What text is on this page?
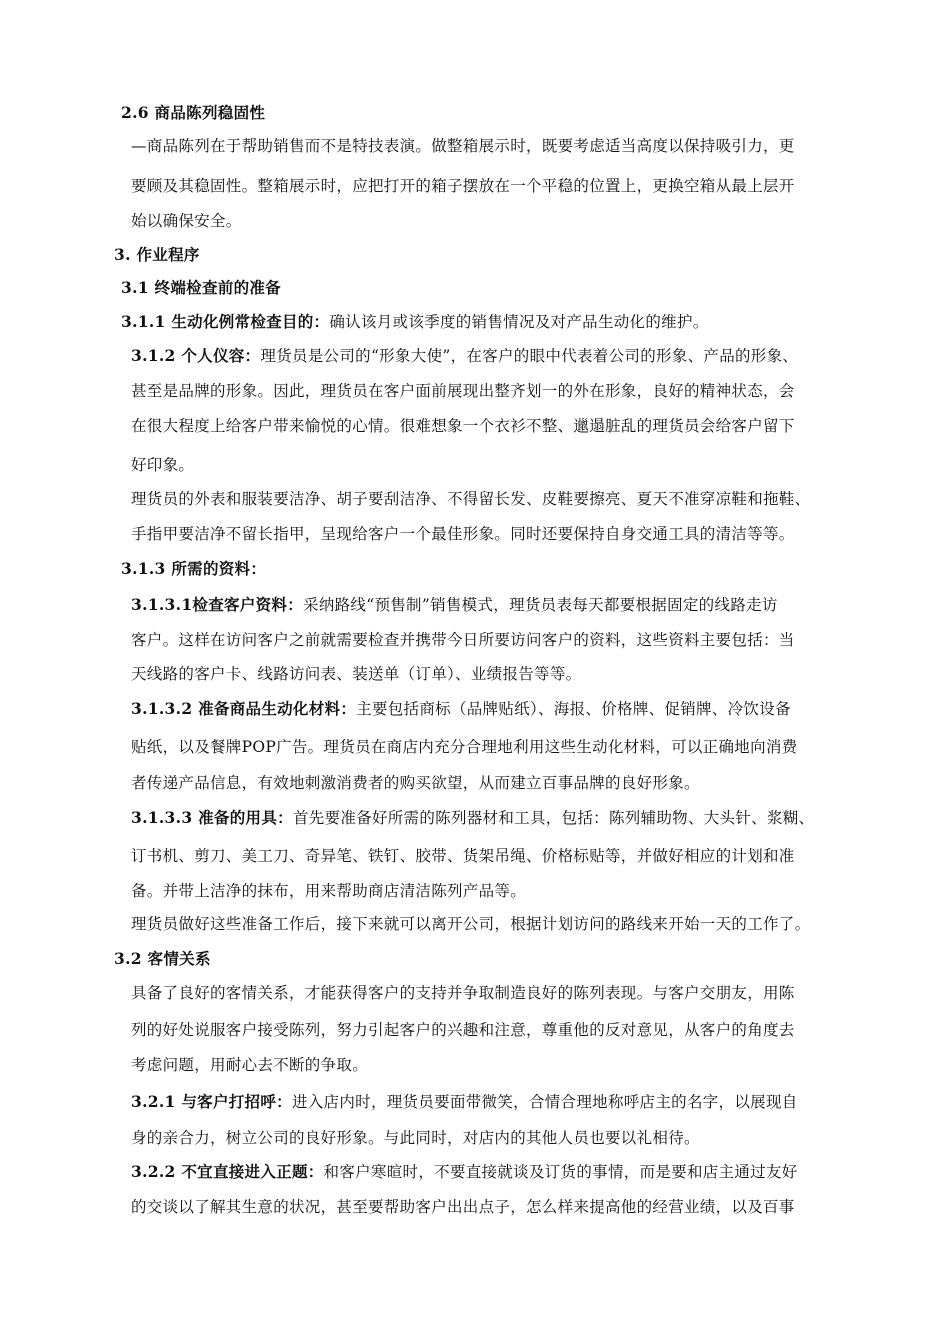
2.6 商品陈列稳固性
—商品陈列在于帮助销售而不是特技表演。做整箱展示时，既要考虑适当高度以保持吸引力，更
要顾及其稳固性。整箱展示时，应把打开的箱子摆放在一个平稳的位置上，更换空箱从最上层开
始以确保安全。
3. 作业程序
3.1 终端检查前的准备
3.1.1 生动化例常检查目的：确认该月或该季度的销售情况及对产品生动化的维护。
3.1.2 个人仪容：理货员是公司的“形象大使”，在客户的眼中代表着公司的形象、产品的形象、
甚至是品牌的形象。因此，理货员在客户面前展现出整齐划一的外在形象，良好的精神状态，会
在很大程度上给客户带来愉悦的心情。很难想象一个衣衫不整、邋遢脏乱的理货员会给客户留下
好印象。
理货员的外表和服装要洁净、胡子要刮洁净、不得留长发、皮鞋要擦亮、夏天不准穿凉鞋和拖鞋、
手指甲要洁净不留长指甲，呈现给客户一个最佳形象。同时还要保持自身交通工具的清洁等等。
3.1.3 所需的资料：
3.1.3.1检查客户资料：采纳路线“预售制”销售模式，理货员表每天都要根据固定的线路走访
客户。这样在访问客户之前就需要检查并携带今日所要访问客户的资料，这些资料主要包括：当
天线路的客户卡、线路访问表、装送单（订单）、业绩报告等等。
3.1.3.2 准备商品生动化材料：主要包括商标（品牌贴纸）、海报、价格牌、促销牌、冷饮设备
贴纸，以及餐牌POP广告。理货员在商店内充分合理地利用这些生动化材料，可以正确地向消费
者传递产品信息，有效地刺激消费者的购买欲望，从而建立百事品牌的良好形象。
3.1.3.3 准备的用具：首先要准备好所需的陈列器材和工具，包括：陈列辅助物、大头针、浆糊、
订书机、剪刀、美工刀、奇异笔、铁钉、胶带、货架吊绳、价格标贴等，并做好相应的计划和准
备。并带上洁净的抹布，用来帮助商店清洁陈列产品等。
理货员做好这些准备工作后，接下来就可以离开公司，根据计划访问的路线来开始一天的工作了。
3.2 客情关系
具备了良好的客情关系，才能获得客户的支持并争取制造良好的陈列表现。与客户交朋友，用陈
列的好处说服客户接受陈列，努力引起客户的兴趣和注意，尊重他的反对意见，从客户的角度去
考虑问题，用耐心去不断的争取。
3.2.1 与客户打招呼：进入店内时，理货员要面带微笑，合情合理地称呼店主的名字，以展现自
身的亲合力，树立公司的良好形象。与此同时，对店内的其他人员也要以礼相待。
3.2.2 不宜直接进入正题：和客户寒暄时，不要直接就谈及订货的事情，而是要和店主通过友好
的交谈以了解其生意的状况，甚至要帮助客户出出点子，怎么样来提高他的经营业绩，以及百事
